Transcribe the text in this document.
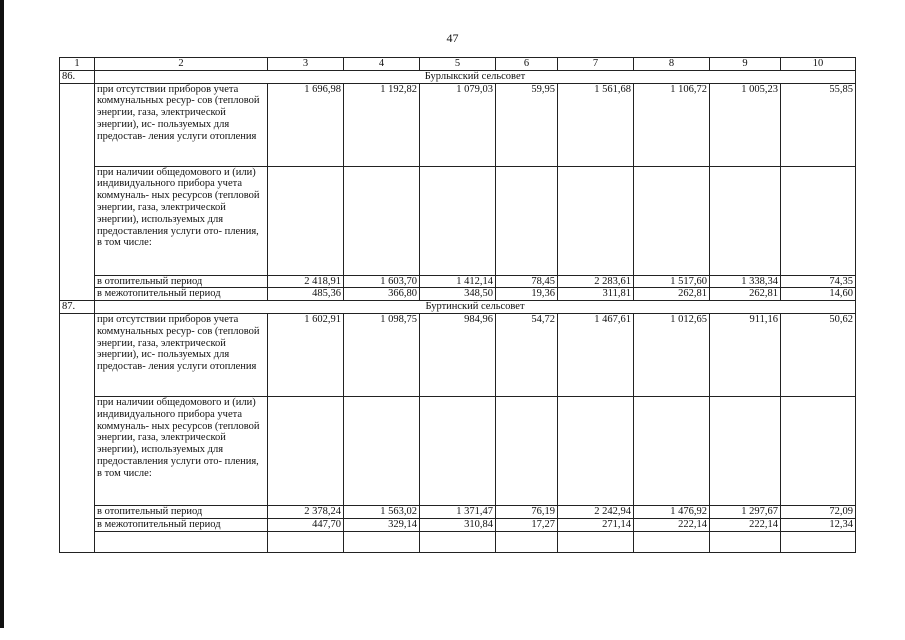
47
1	2	3	4	5	6	7	8	9	10
86.	Бурлыкский сельсовет								
	при отсутствии приборов учета коммунальных ресур- сов (тепловой энергии, газа, электрической энергии), ис- пользуемых для предостав- ления услуги отопления	1 696,98	1 192,82	1 079,03	59,95	1 561,68	1 106,72	1 005,23	55,85
	при наличии общедомового и (или) индивидуального прибора учета коммуналь- ных ресурсов (тепловой энергии, газа, электрической энергии), используемых для предоставления услуги ото- пления, в том числе:								
	в отопительный период	2 418,91	1 603,70	1 412,14	78,45	2 283,61	1 517,60	1 338,34	74,35
	в межотопительный период	485,36	366,80	348,50	19,36	311,81	262,81	262,81	14,60
87.	Буртинский сельсовет								
	при отсутствии приборов учета коммунальных ресур- сов (тепловой энергии, газа, электрической энергии), ис- пользуемых для предостав- ления услуги отопления	1 602,91	1 098,75	984,96	54,72	1 467,61	1 012,65	911,16	50,62
	при наличии общедомового и (или) индивидуального прибора учета коммуналь- ных ресурсов (тепловой энергии, газа, электрической энергии), используемых для предоставления услуги ото- пления, в том числе:								
	в отопительный период	2 378,24	1 563,02	1 371,47	76,19	2 242,94	1 476,92	1 297,67	72,09
	в межотопительный период	447,70	329,14	310,84	17,27	271,14	222,14	222,14	12,34
